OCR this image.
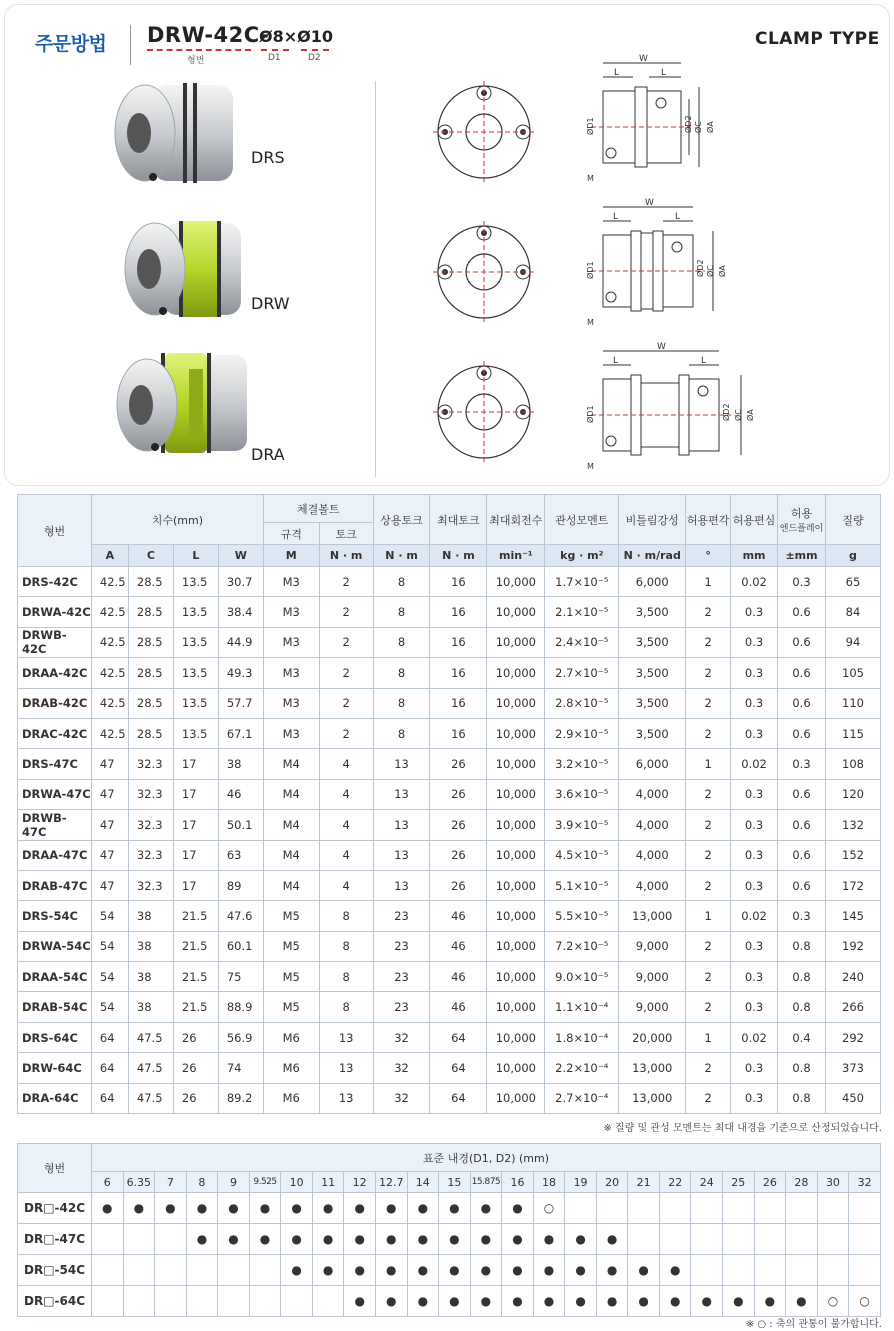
주문방법 DRW-42C-
Ø8×Ø10
형번	D1	D2
CLAMP TYPE
DRS
DRW
DRA
W
L	L
ØD1	ØD2 ØC ØA
M
W
L	L
ØD1	ØD2 ØC ØA
M
W
L	L
ØD1	ØD2 ØC ØA
M
형번	치수(mm)				체결볼트		상용토크	최대토크	최대회전수	관성모멘트	비틀림강성	허용편각	허용편심	허용
엔드플레이	질량
					규격	토크									
	A	C	L	W	M	N · m	N · m	N · m	min⁻¹	kg · m²	N · m/rad	°	mm	±mm	g
DRS-42C	42.5	28.5	13.5	30.7	M3	2	8	16	10,000	1.7×10⁻⁵	6,000	1	0.02	0.3	65
DRWA-42C	42.5	28.5	13.5	38.4	M3	2	8	16	10,000	2.1×10⁻⁵	3,500	2	0.3	0.6	84
DRWB-42C	42.5	28.5	13.5	44.9	M3	2	8	16	10,000	2.4×10⁻⁵	3,500	2	0.3	0.6	94
DRAA-42C	42.5	28.5	13.5	49.3	M3	2	8	16	10,000	2.7×10⁻⁵	3,500	2	0.3	0.6	105
DRAB-42C	42.5	28.5	13.5	57.7	M3	2	8	16	10,000	2.8×10⁻⁵	3,500	2	0.3	0.6	110
DRAC-42C	42.5	28.5	13.5	67.1	M3	2	8	16	10,000	2.9×10⁻⁵	3,500	2	0.3	0.6	115
DRS-47C	47	32.3	17	38	M4	4	13	26	10,000	3.2×10⁻⁵	6,000	1	0.02	0.3	108
DRWA-47C	47	32.3	17	46	M4	4	13	26	10,000	3.6×10⁻⁵	4,000	2	0.3	0.6	120
DRWB-47C	47	32.3	17	50.1	M4	4	13	26	10,000	3.9×10⁻⁵	4,000	2	0.3	0.6	132
DRAA-47C	47	32.3	17	63	M4	4	13	26	10,000	4.5×10⁻⁵	4,000	2	0.3	0.6	152
DRAB-47C	47	32.3	17	89	M4	4	13	26	10,000	5.1×10⁻⁵	4,000	2	0.3	0.6	172
DRS-54C	54	38	21.5	47.6	M5	8	23	46	10,000	5.5×10⁻⁵	13,000	1	0.02	0.3	145
DRWA-54C	54	38	21.5	60.1	M5	8	23	46	10,000	7.2×10⁻⁵	9,000	2	0.3	0.8	192
DRAA-54C	54	38	21.5	75	M5	8	23	46	10,000	9.0×10⁻⁵	9,000	2	0.3	0.8	240
DRAB-54C	54	38	21.5	88.9	M5	8	23	46	10,000	1.1×10⁻⁴	9,000	2	0.3	0.8	266
DRS-64C	64	47.5	26	56.9	M6	13	32	64	10,000	1.8×10⁻⁴	20,000	1	0.02	0.4	292
DRW-64C	64	47.5	26	74	M6	13	32	64	10,000	2.2×10⁻⁴	13,000	2	0.3	0.8	373
DRA-64C	64	47.5	26	89.2	M6	13	32	64	10,000	2.7×10⁻⁴	13,000	2	0.3	0.8	450
※ 질량 및 관성 모멘트는 최대 내경을 기준으로 산정되었습니다.
형번	표준 내경(D1, D2) (mm)																								
	6	6.35	7	8	9	9.525	10	11	12	12.7	14	15	15.875	16	18	19	20	21	22	24	25	26	28	30	32
DR□-42C	●	●	●	●	●	●	●	●	●	●	●	●	●	●	○										
DR□-47C				●	●	●	●	●	●	●	●	●	●	●	●	●	●								
DR□-54C							●	●	●	●	●	●	●	●	●	●	●	●	●						
DR□-64C									●	●	●	●	●	●	●	●	●	●	●	●	●	●	●	○	○
※ ○ : 축의 관통이 불가합니다.
